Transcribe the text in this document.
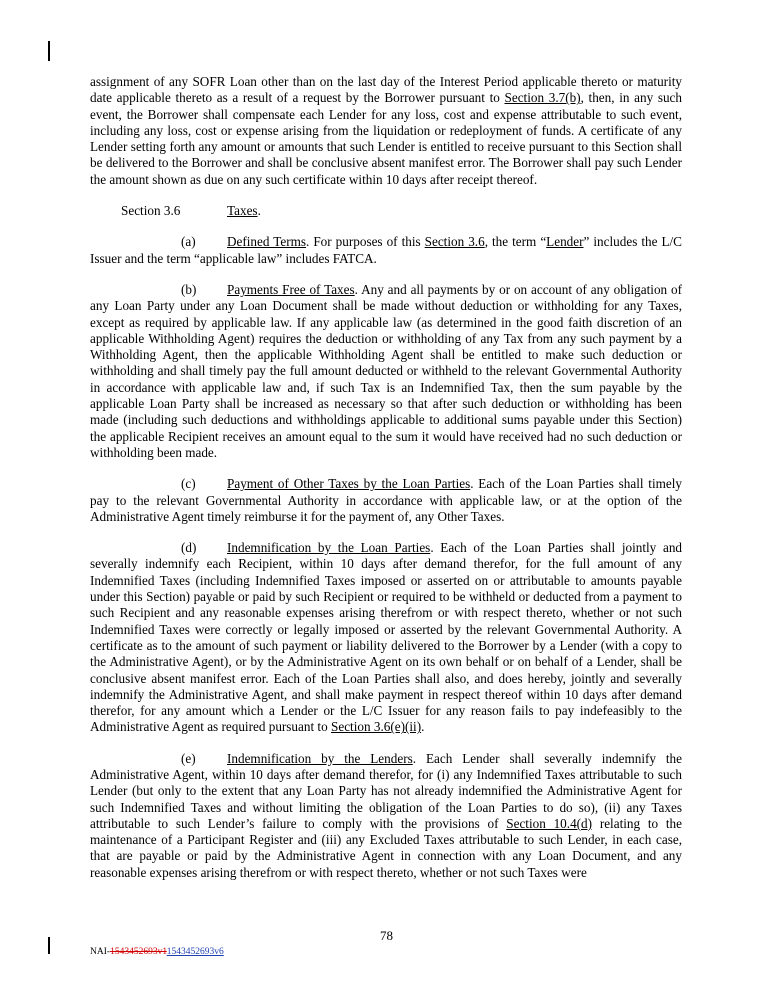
assignment of any SOFR Loan other than on the last day of the Interest Period applicable thereto or maturity date applicable thereto as a result of a request by the Borrower pursuant to Section 3.7(b), then, in any such event, the Borrower shall compensate each Lender for any loss, cost and expense attributable to such event, including any loss, cost or expense arising from the liquidation or redeployment of funds. A certificate of any Lender setting forth any amount or amounts that such Lender is entitled to receive pursuant to this Section shall be delivered to the Borrower and shall be conclusive absent manifest error. The Borrower shall pay such Lender the amount shown as due on any such certificate within 10 days after receipt thereof.

Section 3.6	Taxes.

(a) Defined Terms. For purposes of this Section 3.6, the term “Lender” includes the L/C Issuer and the term “applicable law” includes FATCA.

(b) Payments Free of Taxes. Any and all payments by or on account of any obligation of any Loan Party under any Loan Document shall be made without deduction or withholding for any Taxes, except as required by applicable law. If any applicable law (as determined in the good faith discretion of an applicable Withholding Agent) requires the deduction or withholding of any Tax from any such payment by a Withholding Agent, then the applicable Withholding Agent shall be entitled to make such deduction or withholding and shall timely pay the full amount deducted or withheld to the relevant Governmental Authority in accordance with applicable law and, if such Tax is an Indemnified Tax, then the sum payable by the applicable Loan Party shall be increased as necessary so that after such deduction or withholding has been made (including such deductions and withholdings applicable to additional sums payable under this Section) the applicable Recipient receives an amount equal to the sum it would have received had no such deduction or withholding been made.

(c) Payment of Other Taxes by the Loan Parties. Each of the Loan Parties shall timely pay to the relevant Governmental Authority in accordance with applicable law, or at the option of the Administrative Agent timely reimburse it for the payment of, any Other Taxes.

(d) Indemnification by the Loan Parties. Each of the Loan Parties shall jointly and severally indemnify each Recipient, within 10 days after demand therefor, for the full amount of any Indemnified Taxes (including Indemnified Taxes imposed or asserted on or attributable to amounts payable under this Section) payable or paid by such Recipient or required to be withheld or deducted from a payment to such Recipient and any reasonable expenses arising therefrom or with respect thereto, whether or not such Indemnified Taxes were correctly or legally imposed or asserted by the relevant Governmental Authority. A certificate as to the amount of such payment or liability delivered to the Borrower by a Lender (with a copy to the Administrative Agent), or by the Administrative Agent on its own behalf or on behalf of a Lender, shall be conclusive absent manifest error. Each of the Loan Parties shall also, and does hereby, jointly and severally indemnify the Administrative Agent, and shall make payment in respect thereof within 10 days after demand therefor, for any amount which a Lender or the L/C Issuer for any reason fails to pay indefeasibly to the Administrative Agent as required pursuant to Section 3.6(e)(ii).

(e) Indemnification by the Lenders. Each Lender shall severally indemnify the Administrative Agent, within 10 days after demand therefor, for (i) any Indemnified Taxes attributable to such Lender (but only to the extent that any Loan Party has not already indemnified the Administrative Agent for such Indemnified Taxes and without limiting the obligation of the Loan Parties to do so), (ii) any Taxes attributable to such Lender’s failure to comply with the provisions of Section 10.4(d) relating to the maintenance of a Participant Register and (iii) any Excluded Taxes attributable to such Lender, in each case, that are payable or paid by the Administrative Agent in connection with any Loan Document, and any reasonable expenses arising therefrom or with respect thereto, whether or not such Taxes were

78
NAI-1543452693v11543452693v6
